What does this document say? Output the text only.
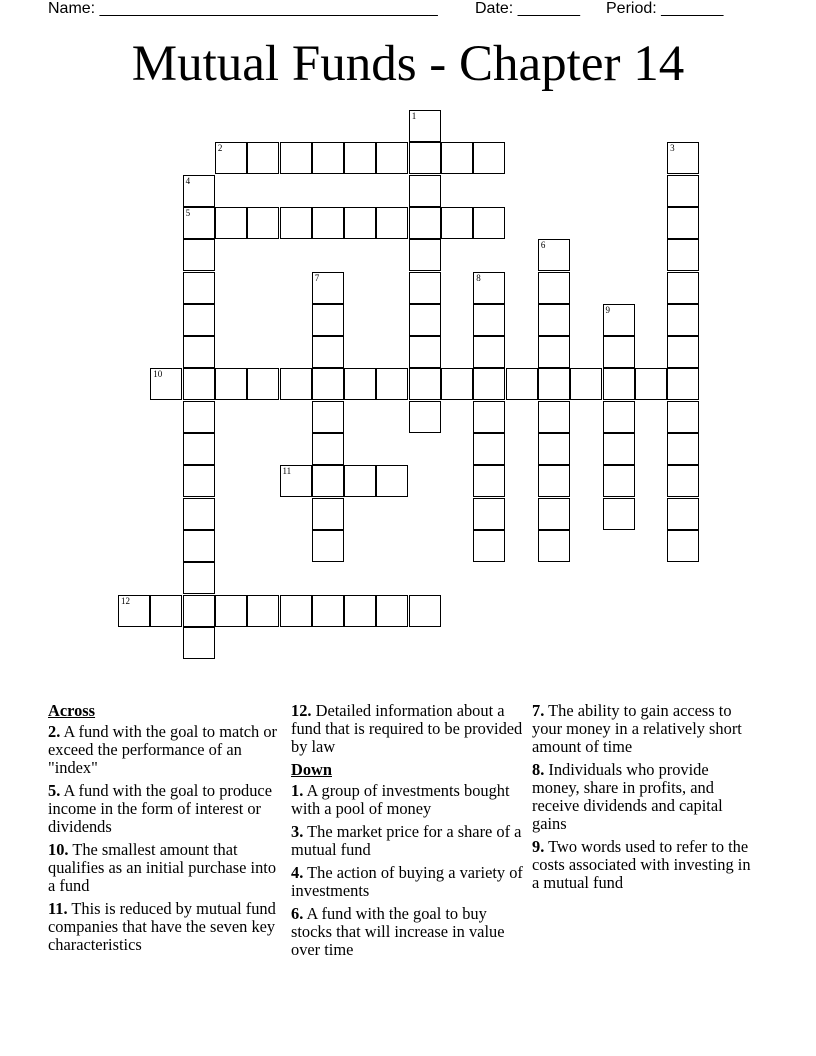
Name: ______________________________________

Date: _______

Period: _______

Mutual Funds - Chapter 14
1
2	3
4
5
6
7	8
9
10
11
12
Across
2. A fund with the goal to match or exceed the performance of an "index"
5. A fund with the goal to produce income in the form of interest or dividends
10. The smallest amount that qualifies as an initial purchase into a fund
11. This is reduced by mutual fund companies that have the seven key characteristics
12. Detailed information about a fund that is required to be provided by law
Down
1. A group of investments bought with a pool of money
3. The market price for a share of a mutual fund
4. The action of buying a variety of investments
6. A fund with the goal to buy stocks that will increase in value over time
7. The ability to gain access to your money in a relatively short amount of time
8. Individuals who provide money, share in profits, and receive dividends and capital gains
9. Two words used to refer to the costs associated with investing in a mutual fund
